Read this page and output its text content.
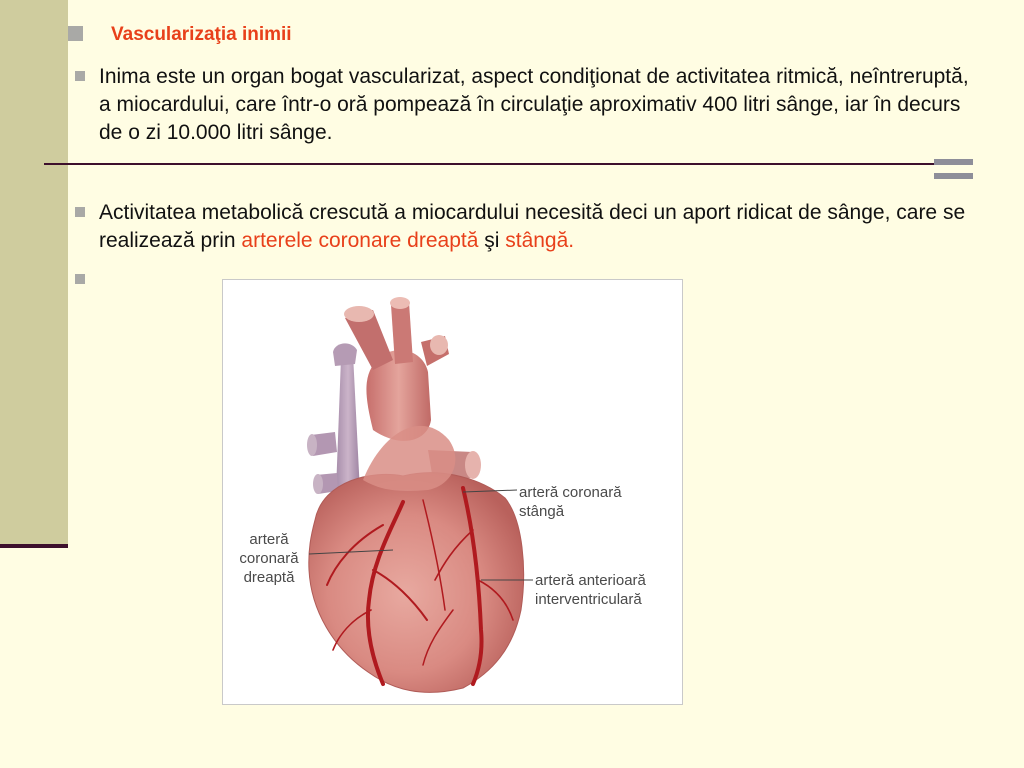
Vascularizaţia inimii

Inima este un organ bogat vascularizat, aspect condiţionat de activitatea ritmică, neîntreruptă, a miocardului, care într-o oră pompează în circulaţie aproximativ 400 litri sânge, iar în decurs de o zi 10.000 litri sânge.

Activitatea metabolică crescută a miocardului necesită deci un aport ridicat de sânge, care se realizează prin arterele coronare dreaptă şi stângă.

arteră coronară
stângă
arteră
coronară
dreaptă	arteră anterioară
interventriculară
